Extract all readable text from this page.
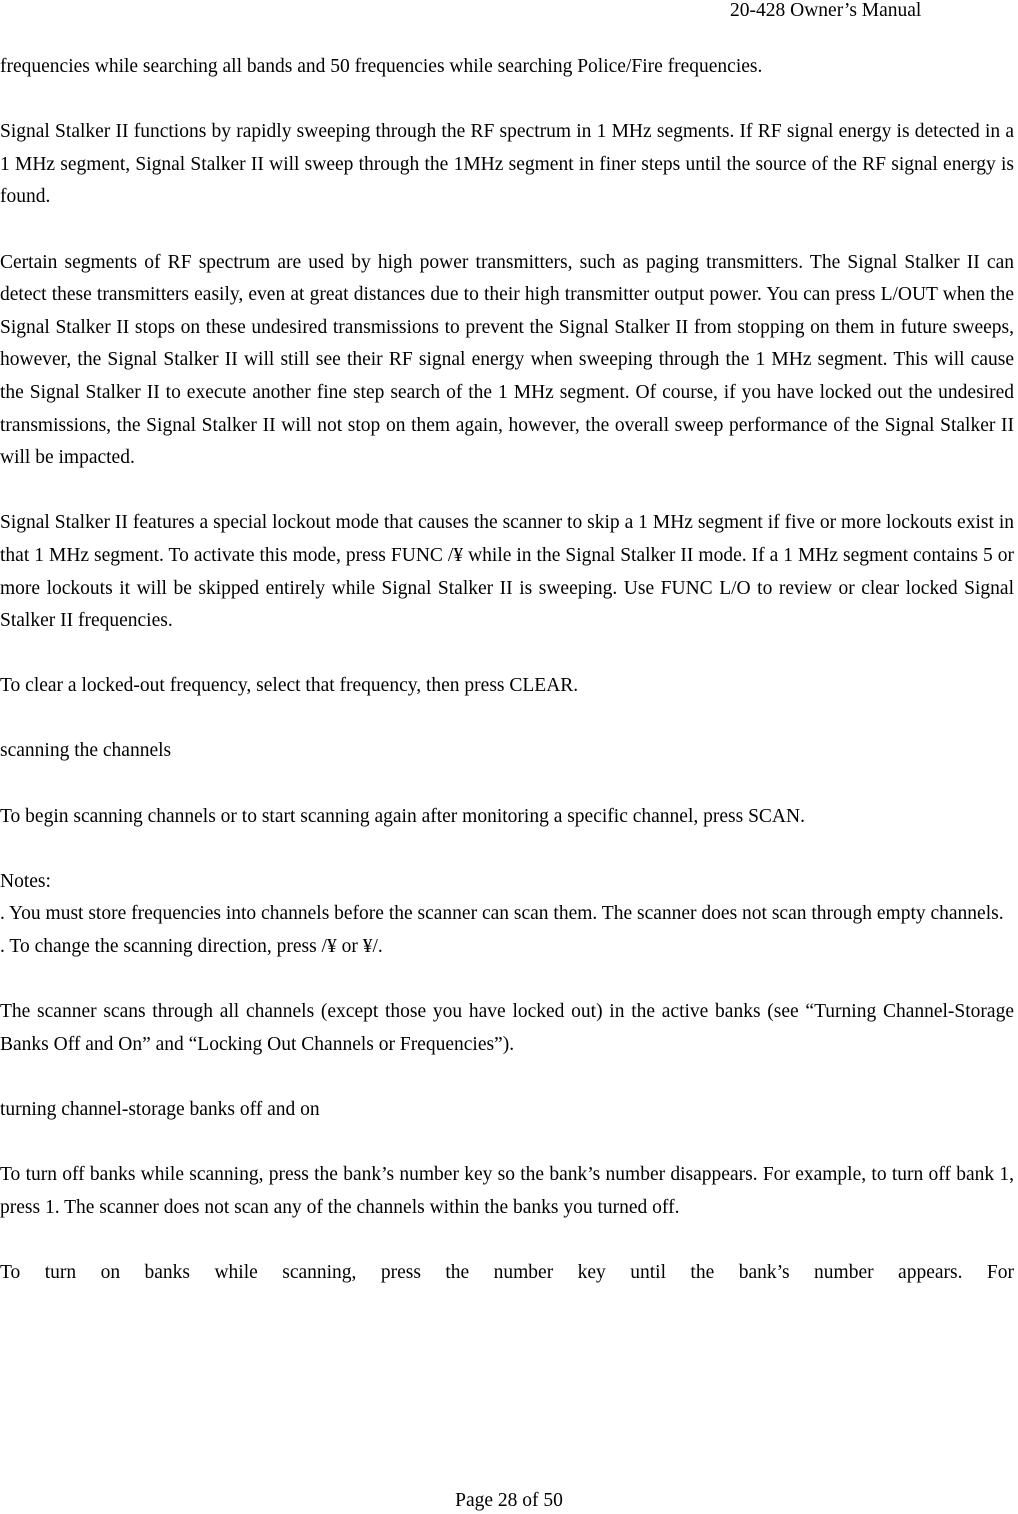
20-428 Owner’s Manual

frequencies while searching all bands and 50 frequencies while searching Police/Fire frequencies.

Signal Stalker II functions by rapidly sweeping through the RF spectrum in 1 MHz segments. If RF signal energy is detected in a 1 MHz segment, Signal Stalker II will sweep through the 1MHz segment in finer steps until the source of the RF signal energy is found.

Certain segments of RF spectrum are used by high power transmitters, such as paging transmitters. The Signal Stalker II can detect these transmitters easily, even at great distances due to their high transmitter output power. You can press L/OUT when the Signal Stalker II stops on these undesired transmissions to prevent the Signal Stalker II from stopping on them in future sweeps, however, the Signal Stalker II will still see their RF signal energy when sweeping through the 1 MHz segment. This will cause the Signal Stalker II to execute another fine step search of the 1 MHz segment. Of course, if you have locked out the undesired transmissions, the Signal Stalker II will not stop on them again, however, the overall sweep performance of the Signal Stalker II will be impacted.

Signal Stalker II features a special lockout mode that causes the scanner to skip a 1 MHz segment if five or more lockouts exist in that 1 MHz segment. To activate this mode, press FUNC /¥ while in the Signal Stalker II mode. If a 1 MHz segment contains 5 or more lockouts it will be skipped entirely while Signal Stalker II is sweeping. Use FUNC L/O to review or clear locked Signal Stalker II frequencies.

To clear a locked-out frequency, select that frequency, then press CLEAR.

scanning the channels

To begin scanning channels or to start scanning again after monitoring a specific channel, press SCAN.

Notes:
. You must store frequencies into channels before the scanner can scan them. The scanner does not scan through empty channels.
. To change the scanning direction, press /¥ or ¥/.

The scanner scans through all channels (except those you have locked out) in the active banks (see “Turning Channel-Storage Banks Off and On” and “Locking Out Channels or Frequencies”).

turning channel-storage banks off and on

To turn off banks while scanning, press the bank’s number key so the bank’s number disappears. For example, to turn off bank 1, press 1. The scanner does not scan any of the channels within the banks you turned off.

To turn on banks while scanning, press the number key until the bank’s number appears. For

Page 28 of 50
